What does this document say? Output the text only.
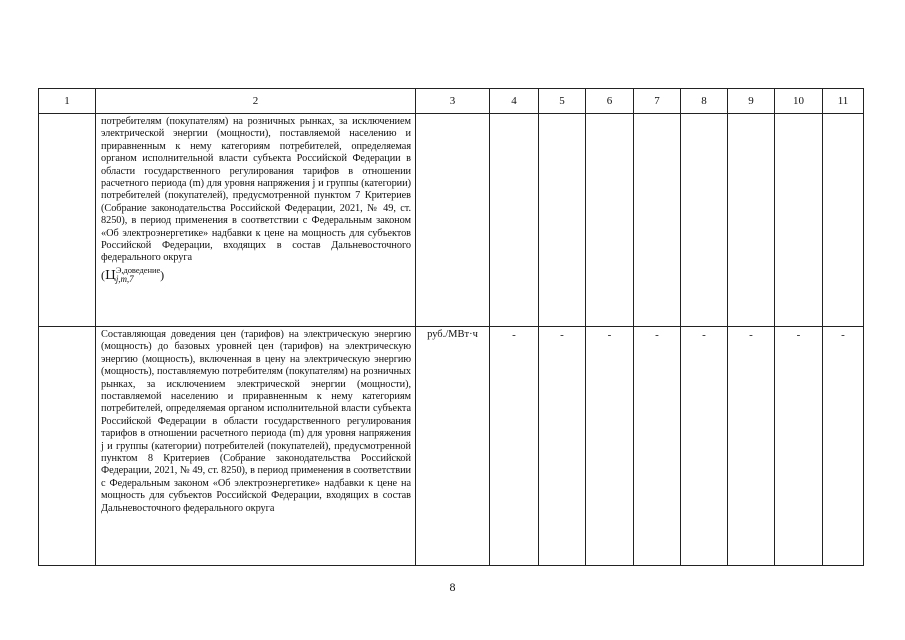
1	2	3	4	5	6	7	8	9	10	11

	потребителям (покупателям) на розничных рынках, за исключением электрической энергии (мощности), поставляемой населению и приравненным к нему категориям потребителей, определяемая органом исполнительной власти субъекта Российской Федерации в области государственного регулирования тарифов в отношении расчетного периода (m) для уровня напряжения j и группы (категории) потребителей (покупателей), предусмотренной пунктом 7 Критериев (Собрание законодательства Российской Федерации, 2021, № 49, ст. 8250), в период применения в соответствии с Федеральным законом «Об электроэнергетике» надбавки к цене на мощность для субъектов Российской Федерации, входящих в состав Дальневосточного федерального округа

(Ц Э,доведение
j,m,7 )									

	Составляющая доведения цен (тарифов) на электрическую энергию (мощность) до базовых уровней цен (тарифов) на электрическую энергию (мощность), включенная в цену на электрическую энергию (мощность), поставляемую потребителям (покупателям) на розничных рынках, за исключением электрической энергии (мощности), поставляемой населению и приравненным к нему категориям потребителей, определяемая органом исполнительной власти субъекта Российской Федерации в области государственного регулирования тарифов в отношении расчетного периода (m) для уровня напряжения j и группы (категории) потребителей (покупателей), предусмотренной пунктом 8 Критериев (Собрание законодательства Российской Федерации, 2021, № 49, ст. 8250), в период применения в соответствии с Федеральным законом «Об электроэнергетике» надбавки к цене на мощность для субъектов Российской Федерации, входящих в состав Дальневосточного федерального округа	руб./МВт·ч	-	-	-	-	-	-	-	-
8
